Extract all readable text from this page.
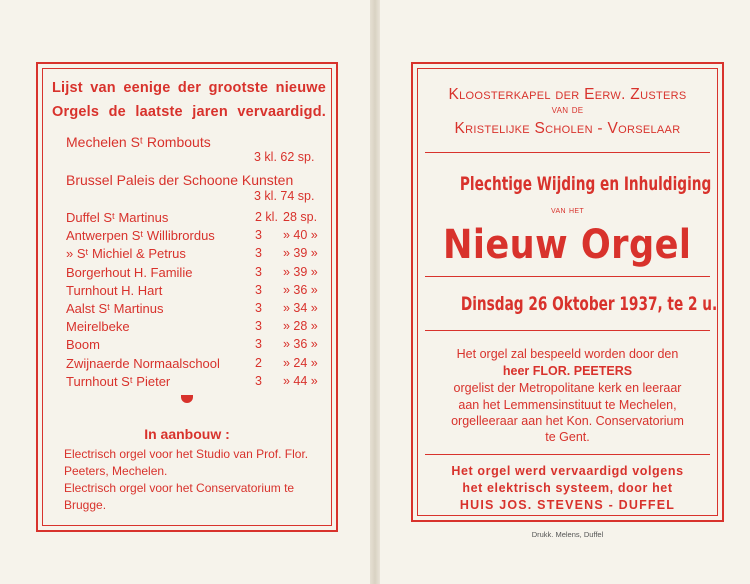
Lijst van eenige der grootste nieuwe
Orgels de laatste jaren vervaardigd.
Mechelen Sᵗ Rombouts
3 kl. 62 sp.
Brussel Paleis der Schoone Kunsten
3 kl. 74 sp.
Duffel Sᵗ Martinus	2 kl. 28 sp.
Antwerpen Sᵗ Willibrordus	3 » 40 »
» Sᵗ Michiel & Petrus	3 » 39 »
Borgerhout H. Familie	3 » 39 »
Turnhout H. Hart	3 » 36 »
Aalst Sᵗ Martinus	3 » 34 »
Meirelbeke	3 » 28 »
Boom	3 » 36 »
Zwijnaerde Normaalschool	2 » 24 »
Turnhout Sᵗ Pieter	3 » 44 »
In aanbouw :
Electrisch orgel voor het Studio van Prof. Flor. Peeters, Mechelen.
Electrisch orgel voor het Conservatorium te Brugge.
Kloosterkapel der Eerw. Zusters
van de
Kristelijke Scholen - Vorselaar
Plechtige Wijding en Inhuldiging
van het
Nieuw Orgel
Dinsdag 26 Oktober 1937, te 2 u.
Het orgel zal bespeeld worden door den
heer FLOR. PEETERS
orgelist der Metropolitane kerk en leeraar
aan het Lemmensinstituut te Mechelen,
orgelleeraar aan het Kon. Conservatorium
te Gent.
Het orgel werd vervaardigd volgens
het elektrisch systeem, door het
HUIS JOS. STEVENS - DUFFEL
Drukk. Melens, Duffel
